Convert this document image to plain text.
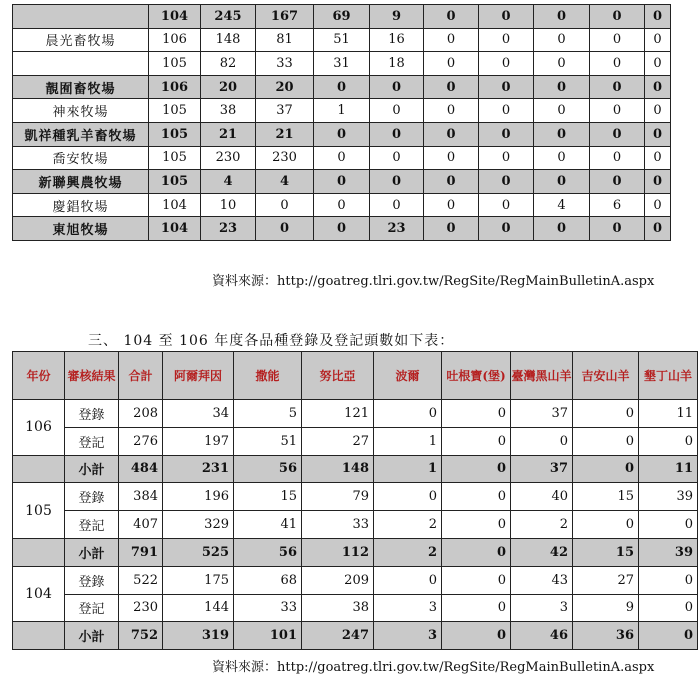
	104	245	167	69	9	0	0	0	0	0
晨光畜牧場	106	148	81	51	16	0	0	0	0	0
	105	82	33	31	18	0	0	0	0	0
靚囿畜牧場	106	20	20	0	0	0	0	0	0	0
神來牧場	105	38	37	1	0	0	0	0	0	0
凱祥種乳羊畜牧場	105	21	21	0	0	0	0	0	0	0
喬安牧場	105	230	230	0	0	0	0	0	0	0
新聯興農牧場	105	4	4	0	0	0	0	0	0	0
慶錩牧場	104	10	0	0	0	0	0	4	6	0
東旭牧場	104	23	0	0	23	0	0	0	0	0
資料來源：http://goatreg.tlri.gov.tw/RegSite/RegMainBulletinA.aspx
三、 104 至 106 年度各品種登錄及登記頭數如下表：
年份	審核結果	合計	阿爾拜因	撒能	努比亞	波爾	吐根寶(堡)	臺灣黑山羊	吉安山羊	墾丁山羊
106	登錄	208	34	5	121	0	0	37	0	11
	登記	276	197	51	27	1	0	0	0	0
	小計	484	231	56	148	1	0	37	0	11
105	登錄	384	196	15	79	0	0	40	15	39
	登記	407	329	41	33	2	0	2	0	0
	小計	791	525	56	112	2	0	42	15	39
104	登錄	522	175	68	209	0	0	43	27	0
	登記	230	144	33	38	3	0	3	9	0
	小計	752	319	101	247	3	0	46	36	0
資料來源：http://goatreg.tlri.gov.tw/RegSite/RegMainBulletinA.aspx
